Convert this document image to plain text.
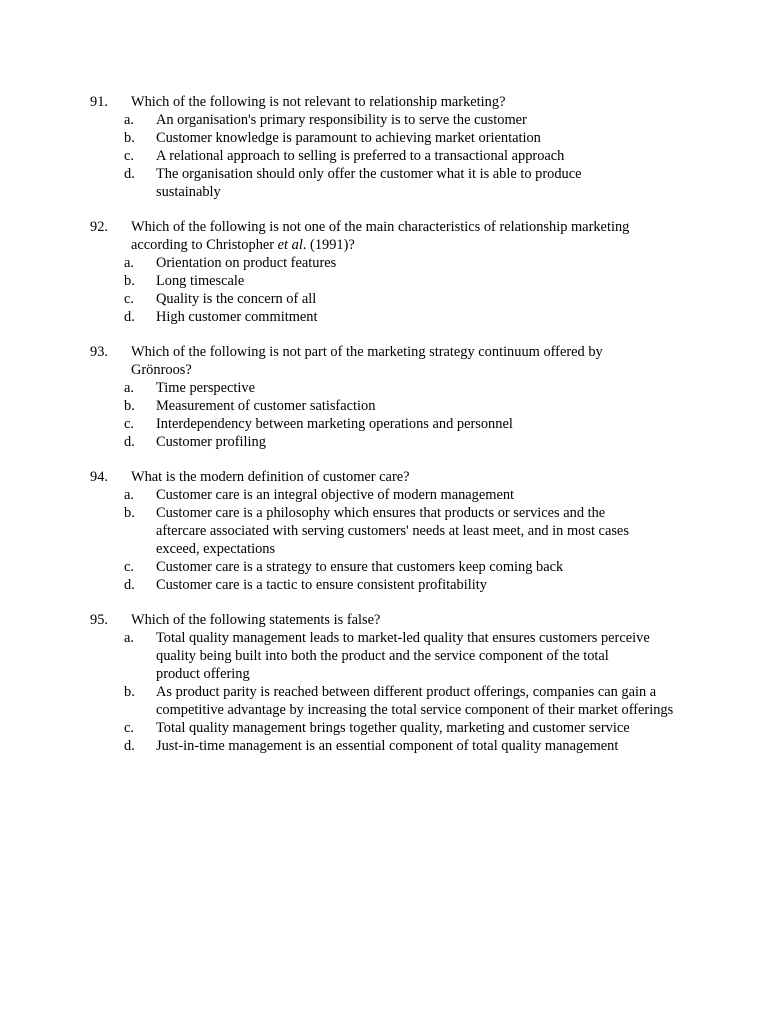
91. Which of the following is not relevant to relationship marketing?
a. An organisation's primary responsibility is to serve the customer
b. Customer knowledge is paramount to achieving market orientation
c. A relational approach to selling is preferred to a transactional approach
d. The organisation should only offer the customer what it is able to produce sustainably
92. Which of the following is not one of the main characteristics of relationship marketing according to Christopher et al. (1991)?
a. Orientation on product features
b. Long timescale
c. Quality is the concern of all
d. High customer commitment
93. Which of the following is not part of the marketing strategy continuum offered by Grönroos?
a. Time perspective
b. Measurement of customer satisfaction
c. Interdependency between marketing operations and personnel
d. Customer profiling
94. What is the modern definition of customer care?
a. Customer care is an integral objective of modern management
b. Customer care is a philosophy which ensures that products or services and the aftercare associated with serving customers' needs at least meet, and in most cases exceed, expectations
c. Customer care is a strategy to ensure that customers keep coming back
d. Customer care is a tactic to ensure consistent profitability
95. Which of the following statements is false?
a. Total quality management leads to market-led quality that ensures customers perceive quality being built into both the product and the service component of the total product offering
b. As product parity is reached between different product offerings, companies can gain a competitive advantage by increasing the total service component of their market offerings
c. Total quality management brings together quality, marketing and customer service
d. Just-in-time management is an essential component of total quality management
